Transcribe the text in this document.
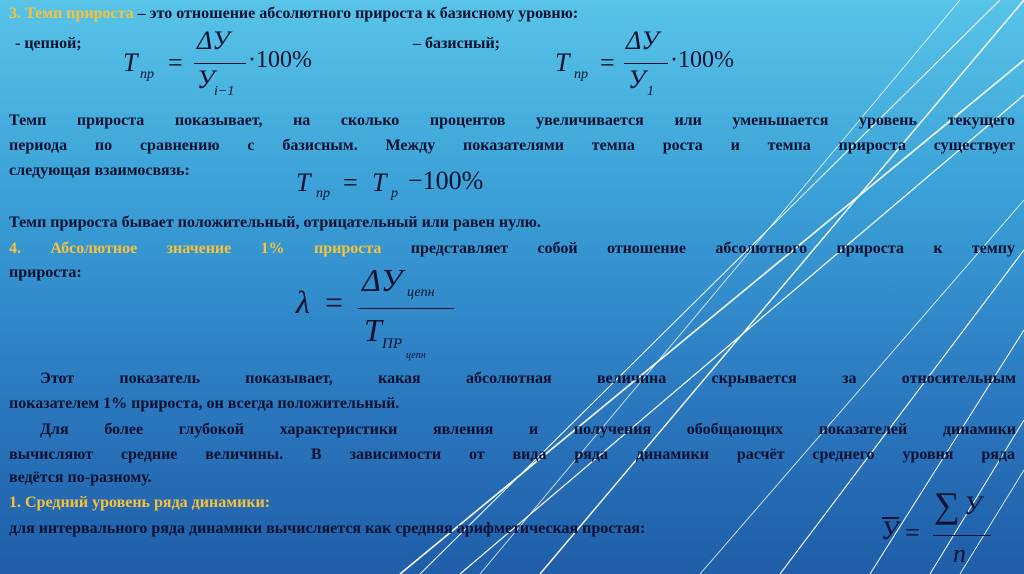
3. Темп прироста – это отношение абсолютного прироста к базисному уровню:
- цепной;	– базисный;
T пр =
ΔУ
У i−1
·100%	T пр =
ΔУ
У 1
·100%
Темп прироста показывает, на сколько процентов увеличивается или уменьшается уровень текущего
периода по сравнению с базисным. Между показателями темпа роста и темпа прироста существует
следующая взаимосвязь:	T пр = T р −100%
Темп прироста бывает положительный, отрицательный или равен нулю.
4. Абсолютное значение 1% прироста представляет собой отношение абсолютного прироста к темпу
прироста:
λ =
ΔУ цепн
T ПР
цепн
Этот показатель показывает, какая абсолютная величина скрывается за относительным
показателем 1% прироста, он всегда положительный.
Для более глубокой характеристики явления и получения обобщающих показателей динамики
вычисляют средние величины. В зависимости от вида ряда динамики расчёт среднего уровня ряда
ведётся по-разному.
1. Средний уровень ряда динамики:
для интервального ряда динамики вычисляется как средняя арифметическая простая:	У =
∑ У
n
